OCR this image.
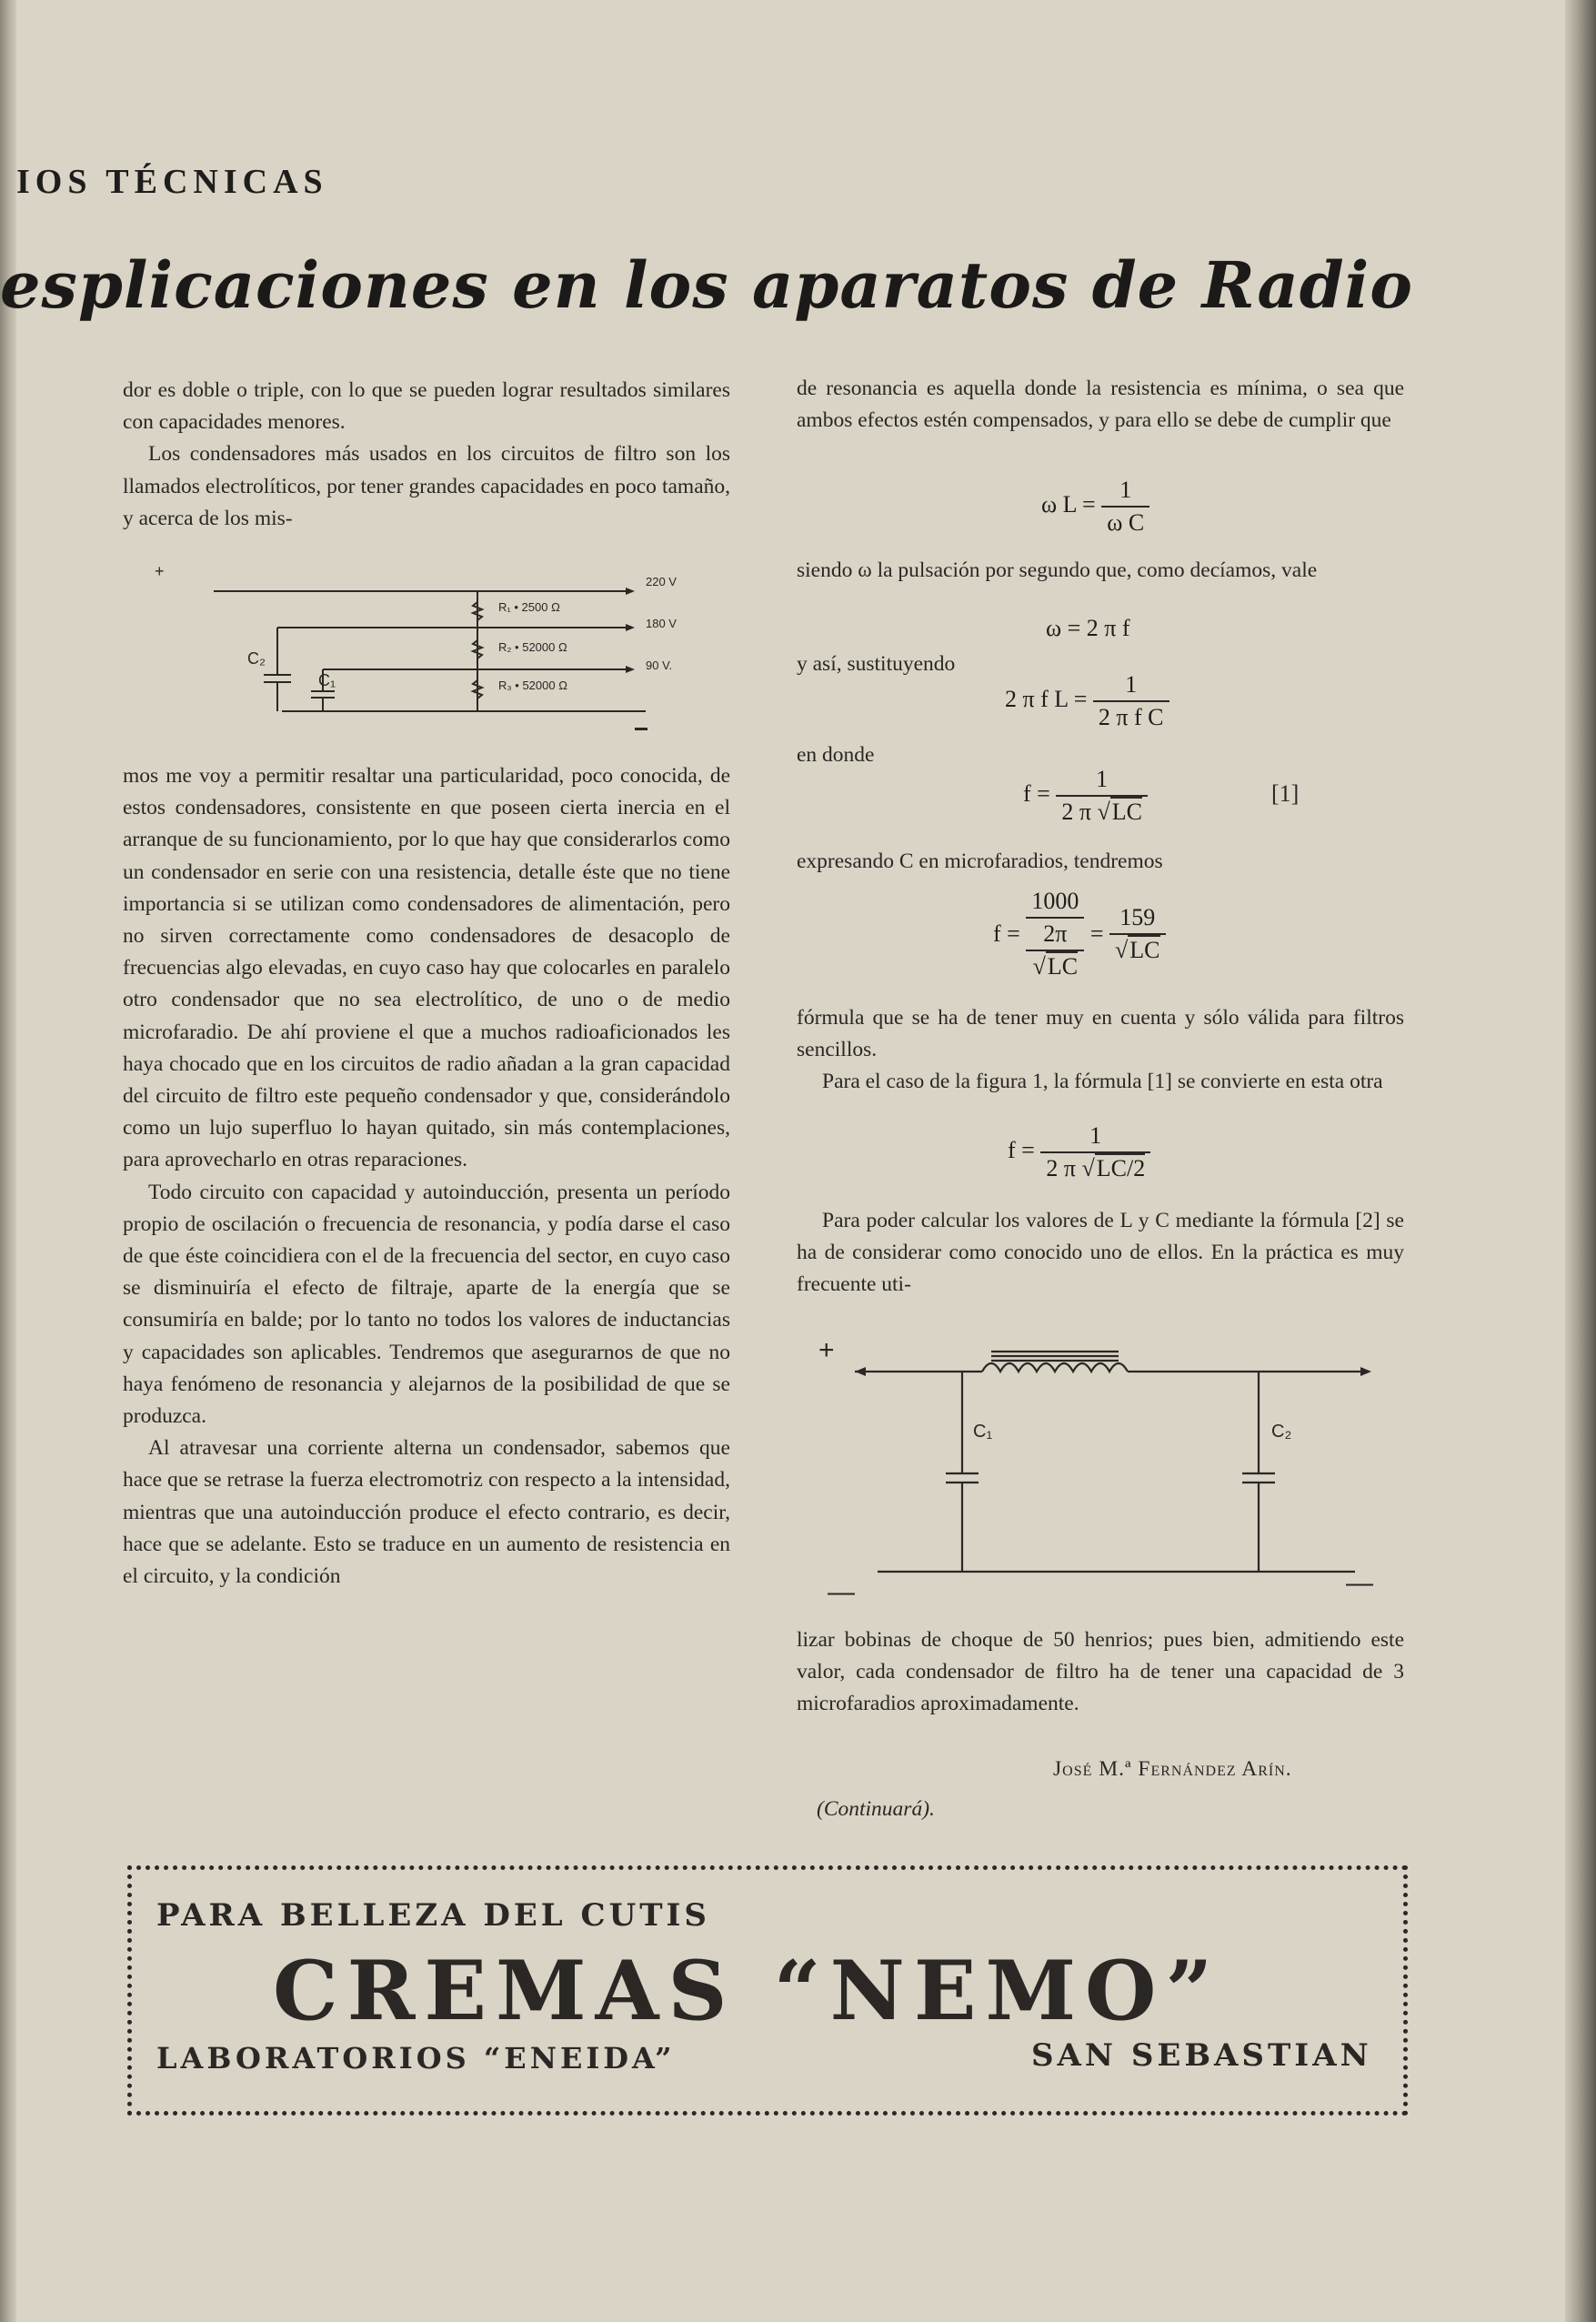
IOS TÉCNICAS
esplicaciones en los aparatos de Radio

dor es doble o triple, con lo que se pueden lograr resultados similares con capacidades menores.

Los condensadores más usados en los circuitos de filtro son los llamados electrolíticos, por tener grandes capacidades en poco tamaño, y acerca de los mis-

+
R₁ • 2500 Ω
R₂ • 52000 Ω
R₃ • 52000 Ω
220 V
180 V
90 V.
C₂
C₁

mos me voy a permitir resaltar una particularidad, poco conocida, de estos condensadores, consistente en que poseen cierta inercia en el arranque de su funcionamiento, por lo que hay que considerarlos como un condensador en serie con una resistencia, detalle éste que no tiene importancia si se utilizan como condensadores de alimentación, pero no sirven correctamente como condensadores de desacoplo de frecuencias algo elevadas, en cuyo caso hay que colocarles en paralelo otro condensador que no sea electrolítico, de uno o de medio microfaradio. De ahí proviene el que a muchos radioaficionados les haya chocado que en los circuitos de radio añadan a la gran capacidad del circuito de filtro este pequeño condensador y que, considerándolo como un lujo superfluo lo hayan quitado, sin más contemplaciones, para aprovecharlo en otras reparaciones.

Todo circuito con capacidad y autoinducción, presenta un período propio de oscilación o frecuencia de resonancia, y podía darse el caso de que éste coincidiera con el de la frecuencia del sector, en cuyo caso se disminuiría el efecto de filtraje, aparte de la energía que se consumiría en balde; por lo tanto no todos los valores de inductancias y capacidades son aplicables. Tendremos que asegurarnos de que no haya fenómeno de resonancia y alejarnos de la posibilidad de que se produzca.

Al atravesar una corriente alterna un condensador, sabemos que hace que se retrase la fuerza electromotriz con respecto a la intensidad, mientras que una autoinducción produce el efecto contrario, es decir, hace que se adelante. Esto se traduce en un aumento de resistencia en el circuito, y la condición

de resonancia es aquella donde la resistencia es mínima, o sea que ambos efectos estén compensados, y para ello se debe de cumplir que

ω $L = \frac{1}{\text{ω C}}$

siendo ω la pulsación por segundo que, como decíamos, vale

ω = 2 π f
y así, sustituyendo
2 π f $L = \frac{1}{\text{2 π f C}}$
en donde
$f = \frac{1}{2 \pi √LC}$	[1]
expresando C en microfaradios, tendremos
f =
1000
2π
√LC
= $\frac{159}{√LC}$

fórmula que se ha de tener muy en cuenta y sólo válida para filtros sencillos.

Para el caso de la figura 1, la fórmula [1] se convierte en esta otra

$f = \frac{1}{2 \pi √LC/2}$

Para poder calcular los valores de L y C mediante la fórmula [2] se ha de considerar como conocido uno de ellos. En la práctica es muy frecuente uti-

+
C₁	C₂
—	—

lizar bobinas de choque de 50 henrios; pues bien, admitiendo este valor, cada condensador de filtro ha de tener una capacidad de 3 microfaradios aproximadamente.

José M.ª Fernández Arín.
(Continuará).
PARA BELLEZA DEL CUTIS
CREMAS “NEMO”
LABORATORIOS “ENEIDA”	SAN SEBASTIAN
